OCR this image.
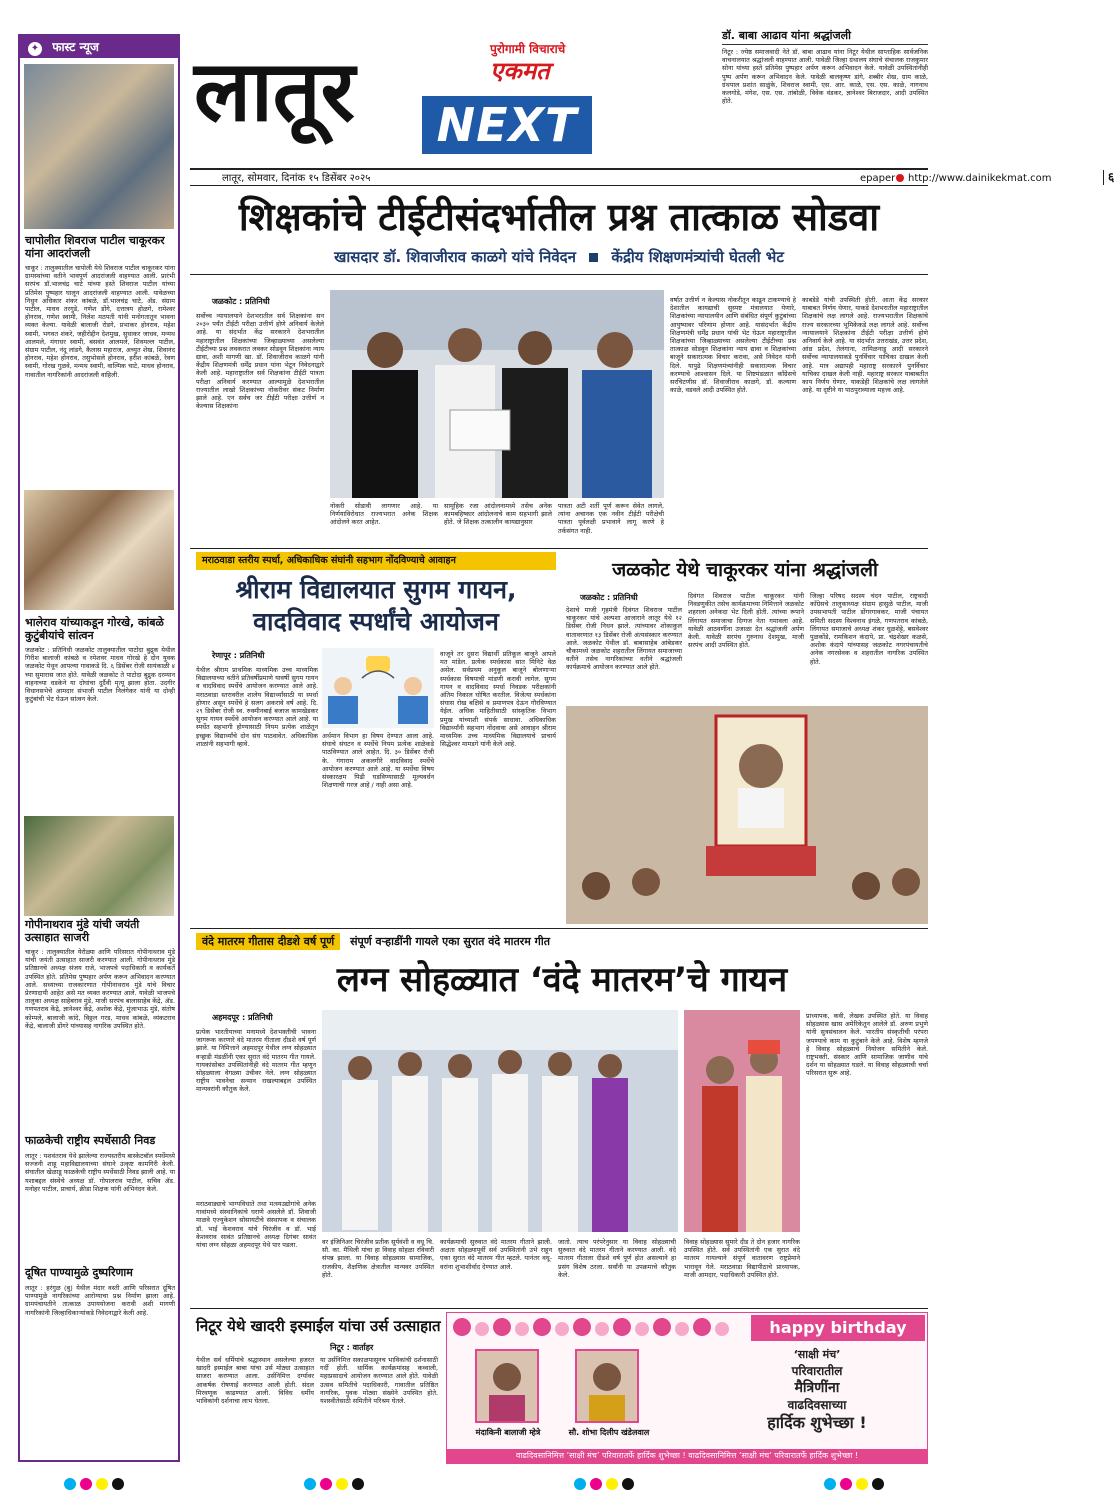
✦ फास्ट न्यूज
चापोलीत शिवराज पाटील चाकूरकर यांना आदरांजली
चाकूर : तालुक्यातील चापोली येथे शिवराज पाटील चाकूरकर यांना ग्रामस्थांच्या वतीने भावपूर्ण आदरांजली वाहण्यात आली. प्रारंभी सरपंच डॉ.भालचंद्र चाटे यांच्या हस्ते शिवराज पाटील यांच्या प्रतिमेस पुष्पहार घालून आदरांजली वाहण्यात आली. यावेळच्या निधुन अधिकार शंकर कांबळे, डॉ.भालचंद्र चाटे, ॲड. संग्राम पाटील, माधव तरगुडे, गणेश डोंगे, दत्तात्रय होळगे, रामेश्वर होनराव, गणेश स्वामी, निलेश मठपती यांनी मनोगतातून भावना व्यक्त केल्या. यावेळी बालाजी रोडगे, प्रभाकर होनराव, महेश स्वामी, भगवत शंकरे, जहीरोद्दीन देशमुख, सुधाकर जाधव, मन्मथ आलमले, मंगाधर स्वामी, बसवंत आलमले, शिवमल्ल पाटील, संग्राम पाटील, नंदू लांडगे, कैलास महाराज, अच्युत शेख, शिवानंद होनराव, महेश होनराव, तसुभोसले होनराव, हरीश कांबळे, रेवण स्वामी, गोरख गुळवे, मन्मथ स्वामी, वाल्मिक चाटे, माधव होनराव, गावातील नागरिकांनी आदरांजली वाहिली.
भालेराव यांच्याकडून गोरखे, कांबळे कुटुंबीयांचे सांत्वन
जळकोट : प्रतिनिधी जळकोट तालुक्यातील पाटोदा बुद्रुक येथील गिरीश बालाजी कांबळे व रमेशवर माधव गोरखे हे दोन युवक जळकोट येथून आपल्या गावाकडे दि. ६ डिसेंबर रोजी सायंकाळी ४ च्या सुमारास जात होते. यावेळी जळकोट ते पाटोदा बुद्रुक दरम्यान वाहनाच्या धडकेने या दोघांचा दुर्दैवी मृत्यू झाला होता. उदगीर विधानसभेचे आमदार संभाजी पाटील निलंगेकर यांनी या दोन्ही कुटुंबांची भेट घेऊन सांत्वन केले.
गोपीनाथराव मुंडे यांची जयंती उत्साहात साजरी
चाकूर : तालुक्यातील येरोळ्या आणि परिसरात गोपीनाथराव मुंडे यांची जयंती उत्साहात साजरी करण्यात आली. गोपीनाथराव मुंडे प्रतिष्ठानचे अध्यक्ष संजय राजे, भाजपचे पदाधिकारी व कार्यकर्ते उपस्थित होते. प्रतिमेस पुष्पहार अर्पण करून अभिवादन करण्यात आले. सध्याच्या राजकारणात गोपीनाथराव मुंडे यांचे विचार प्रेरणादायी आहेत असे मत व्यक्त करण्यात आले. यावेळी भाजपचे तालुका अध्यक्ष साहेबराव मुंडे, माजी सरपंच बालासाहेब केंद्रे, ॲड. गणपतराव केंद्रे, ज्ञानेश्वर केंद्रे, अशोक केंद्रे, मुंजाभाऊ मुंडे, संतोष कोम्पले, बालाजी कांदे, विठ्ठल गरड, माधव कांबळे, व्यंकटराव केंद्रे, बालाजी डोंगरे यांच्यासह नागरिक उपस्थित होते.
फाळकेची राष्ट्रीय स्पर्धेसाठी निवड
लातूर : यशवंतराव येथे झालेल्या राज्यस्तरीय बास्केटबॉल स्पर्धेमध्ये सज्जनी शाहू महाविद्यालयाच्या संघाने उत्कृष्ट कामगिरी केली. संघातील खेळाडू फाळकेची राष्ट्रीय स्पर्धेसाठी निवड झाली आहे. या यशाबद्दल संस्थेचे अध्यक्ष डॉ. गोपालराव पाटील, सचिव ॲड. मनोहर पाटील, प्राचार्य, क्रीडा शिक्षक यांनी अभिनंदन केले.
दूषित पाण्यामुळे दुष्परिणाम
लातूर : हरंगुळ (बु) येथील मंदार वस्ती आणि परिसरात दूषित पाण्यामुळे नागरिकांच्या आरोग्याचा प्रश्न निर्माण झाला आहे. ग्रामपंचायतीने तात्काळ उपाययोजना करावी अशी मागणी नागरिकांनी जिल्हाधिकाऱ्यांकडे निवेदनाद्वारे केली आहे.
लातूर	पुरोगामी विचाराचे
एकमत
NEXT
डॉ. बाबा आढाव यांना श्रद्धांजली
निटूर : ज्येष्ठ समाजवादी नेते डॉ. बाबा आढाव यांना निटूर येथील साप्ताहिक सार्वजनिक वाचनालयात श्रद्धांजली वाहण्यात आली. यावेळी जिल्हा ग्रंथालय संघाचे संचालक राजकुमार सोना यांच्या हस्ते प्रतिमेस पुष्पहार अर्पण करून अभिवादन केले. यावेळी उपस्थितांनीही पुष्प अर्पण करून अभिवादन केले. यावेळी बालकृष्ण डांगे, शब्बीर शेख, ग्राम काळे, ग्रंथपाल प्रशांत साळुंके, शिवराज स्वामी, एस. आर. काळे, एस. एस. काळे, नागनाथ कलगोडे, मंगेश, एस. एस. तांबोळी, विवेक वंडकर, ज्ञानेश्वर बिराजदार, आदी उपस्थित होते.
लातूर, सोमवार, दिनांक १५ डिसेंबर २०२५	epaper http://www.dainikekmat.com	६
शिक्षकांचे टीईटीसंदर्भातील प्रश्न तात्काळ सोडवा
खासदार डॉ. शिवाजीराव काळगे यांचे निवेदन केंद्रीय शिक्षणमंत्र्यांची घेतली भेट
जळकोट : प्रतिनिधी
सर्वोच्च न्यायालयाने देशभरातील सर्व शिक्षकांना सन २०३० पर्यंत टीईटी परीक्षा उत्तीर्ण होणे अनिवार्य केलेले आहे. या संदर्भात केंद्र सरकारने देशभरातील महाराष्ट्रातील शिक्षकांच्या जिव्हाळ्याच्या असलेल्या टीईटीच्या प्रश्न लवकरात लवकर सोडवून शिक्षकांना न्याय द्यावा, अशी मागणी खा. डॉ. शिवाजीराव काळगे यांनी केंद्रीय शिक्षणमंत्री धर्मेंद्र प्रधान यांना भेटून निवेदनाद्वारे केली आहे. महाराष्ट्रातील सर्व शिक्षकांना टीईटी पात्रता परीक्षा अनिवार्य करण्यात आल्यामुळे देशभरातील राज्यातील लाखो शिक्षकांच्या नोकरीवर संकट निर्माण झाले आहे. एन सर्वच जर टीईटी परीक्षा उत्तीर्ण न केल्यास शिक्षकांना
नोकरी सोडावी लागणार आहे. या निर्णयाविरोधात राज्यभरात अनेक शिक्षक आंदोलने करत आहेत.
सामूहिक रजा आंदोलनामध्ये तसेच अनेक कामबहिष्कार आंदोलनाचे काम सहभागी झाले होते. जे शिक्षक तत्कालीन कायद्यानुसार
पात्रता अटी शर्ती पूर्ण करून सेवेत लागले, त्यांना अचानक एक नवीन टीईटी परीक्षेची पात्रता पूर्वलक्षी प्रभावाने लागू करणे हे तर्कसंगत नाही.
वर्षात उत्तीर्ण न केल्यास नोकरीतून काढून टाकण्याचे हे देशातील कायद्याची सुस्पष्ट मंत्रालयात येणारे, शिक्षकांच्या न्यायालयीन आणि संबंधित संपूर्ण कुटुंबांच्या आयुष्यावर परिणाम होणार आहे. यासंदर्भात केंद्रीय शिक्षणमंत्री धर्मेंद्र प्रधान यांची भेट घेऊन महाराष्ट्रातील शिक्षकांच्या जिव्हाळ्याच्या असलेल्या टीईटीच्या प्रश्न तात्काळ सोडवून शिक्षकांना न्याय द्यावा व शिक्षकांच्या बाजूने सकारात्मक विचार करावा, असे निवेदन यांनी दिले. यापुढे शिक्षणमंत्र्यांनीही सकारात्मक विचार करण्याचे आश्वासन दिले. या शिष्टमंडळात काँग्रेसचे सरचिटणीस डॉ. शिवाजीराव काळगे, डॉ. कल्याण काळे, वडवले आदी उपस्थित होते.
काबडेडे यांची उपस्थिती होती. आता केंद्र सरकार याबाबत निर्णय घेणार, याकडे देशभरातील महाराष्ट्रातील शिक्षकांचे लक्ष लागले आहे. राज्यभरातील शिक्षकांचे राज्य सरकारच्या भूमिकेकडे लक्ष लागले आहे. सर्वोच्च न्यायालयाने शिक्षकांना टीईटी परीक्षा उत्तीर्ण होणे अनिवार्य केले आहे. या संदर्भात उत्तराखंड, उत्तर प्रदेश, आंध्र प्रदेश, तेलंगाना, तामिळनाडू आदी सरकारने सर्वोच्च न्यायालयाकडे पुनर्विचार याचिका दाखल केली आहे. मात्र अद्यापही महाराष्ट्र सरकारने पुनर्विचार याचिका दाखल केली नाही. महाराष्ट्र सरकार याबाबतीत काय निर्णय घेणार, याकडेही शिक्षकांचे लक्ष लागलेले आहे. या दृष्टीने या पाठपुराव्याला महत्त्व आहे.
मराठवाडा स्तरीय स्पर्धा, अधिकाधिक संघांनी सहभाग नोंदविण्याचे आवाहन
श्रीराम विद्यालयात सुगम गायन,
वादविवाद स्पर्धांचे आयोजन
रेणापूर : प्रतिनिधी
येथील श्रीराम प्राथमिक माध्यमिक उच्च माध्यमिक विद्यालयाच्या वतीने प्रतिवर्षीप्रमाणे यावर्षी सुगम गायन व वादविवाद स्पर्धेचे आयोजन करण्यात आले आहे. मराठवाडा स्तरावरील शालेय विद्यार्थ्यांसाठी या स्पर्धा होणार असून स्पर्धेचे हे सलग अकरावे वर्ष आहे. दि. २९ डिसेंबर रोजी स्व. रुक्मीनबाई बजाज कामखेडकर सुगम गायन स्पर्धेचे आयोजन करण्यात आले आहे. या स्पर्धेत सहभागी होण्यासाठी नियम प्रत्येक शाळेतून इच्छुक विद्यार्थ्यांचे दोन संघ पाठवावेत. अधिकाधिक शाळांनी सहभागी व्हावे.
अर्थमान विभाग हा विषय देण्यात आला आहे. संघाचे संघटन व स्पर्धेचे नियम प्रत्येक शाळेकडे पाठविण्यात आले आहेत. दि. ३० डिसेंबर रोजी के. गंगाराम अकलगीरे वादविवाद स्पर्धेचे आयोजन करण्यात आले आहे. या स्पर्धेचा विषय संस्कारक्षम पिढी घडविण्यासाठी मूल्यवर्धन शिक्षणाची गरज आहे / नाही असा आहे.
वाजूने तर दुसरा विद्यार्थी प्रतिकूल बाजूने आपले मत मांडेल. प्रत्येक स्पर्धकास सात मिनिटे वेळ असेल. सर्वप्रथम अनुकूल बाजूने बोलणाऱ्या स्पर्धकास विषयाची मांडणी करावी लागेल. सुगम गायन व वादविवाद स्पर्धा निवडक परीक्षकांनी अंतिम निकाल घोषित करतील. विजेत्या स्पर्धकांना संघास रोख बक्षिसे व प्रमाणपत्र देऊन गौरविण्यात येईल. अधिक माहितीसाठी सांस्कृतिक विभाग प्रमुख यांच्याशी संपर्क साधावा. अधिकाधिक विद्यार्थ्यांनी सहभाग नोंदवावा असे आवाहन श्रीराम माध्यमिक उच्च माध्यमिक विद्यालयाचे प्राचार्य सिद्धेश्वर मामडगे यांनी केले आहे.
जळकोट येथे चाकूरकर यांना श्रद्धांजली
जळकोट : प्रतिनिधी
देशाचे माजी गृहमंत्री दिवंगत शिवराज पाटील चाकूरकर यांचे अल्पशा आजाराने लातूर येथे १२ डिसेंबर रोजी निधन झाले. त्यांच्यावर शोकाकुल वातावरणात १३ डिसेंबर रोजी अंत्यसंस्कार करण्यात आले. जळकोट येथील डॉ. बाबासाहेब आंबेडकर चौकामध्ये जळकोट शहरातील लिंगायत समाजाच्या वतीने तसेच नागरिकांच्या वतीने श्रद्धांजली कार्यक्रमाचे आयोजन करण्यात आले होते.
दिवंगत शिवराज पाटील चाकूरकर यांनी निवडणुकीत तसेच कार्यक्रमाच्या निमित्ताने जळकोट शहराला अनेकदा भेट दिली होती. त्यांच्या रूपाने लिंगायत समाजाचा दिग्गज नेता गमावला आहे. यावेळी आठवणींना उजाळा देत श्रद्धांजली अर्पण केली. यावेळी सरपंच गुरुनाथ देशमुख, माजी सरपंच आदी उपस्थित होते.
जिल्हा परिषद सदस्य चंदन पाटील, राष्ट्रवादी काँग्रेसचे तालुकाध्यक्ष संग्राम हासुळे पाटील, माजी उपसभापती पाटील डोंगरगावकर, माजी पंचायत समिती सदस्य विश्वनाथ इंगळे, गणपतराव कांबळे, लिंगायत समाजाचे अध्यक्ष शंकर धुळशेट्टे, बसवेश्वर पुळकोंडे, रामकिशन कंदापे, प्रा. चंद्रशेखर कळसे, अशोक कंदापे यांच्यासह जळकोट नगरपंचायतीचे अनेक नगरसेवक व शहरातील नागरिक उपस्थित होते.
वंदे मातरम गीतास दीडशे वर्ष पूर्ण संपूर्ण वऱ्हाडींनी गायले एका सुरात वंदे मातरम गीत
लग्न सोहळ्यात ‘वंदे मातरम’चे गायन
अहमदपूर : प्रतिनिधी
प्रत्येक भारतीयाच्या मनामध्ये देशभक्तीची भावना जागरूक करणारे वंदे मातरम गीताला दीडशे वर्ष पूर्ण झाले. या निमित्ताने अहमदपूर येथील लग्न सोहळ्यात वऱ्हाडी मंडळींनी एका सुरात वंदे मातरम गीत गायले. गायकांसोबत उपस्थितांनीही वंदे मातरम गीत म्हणून सोहळ्याला वेगळ्या उंचीवर नेले. लग्न सोहळ्यात राष्ट्रीय भावनेचा सन्मान राखल्याबद्दल उपस्थित मान्यवरांनी कौतुक केले.
मराठवाड्याचे भाग्यविधाते तथा मत्स्यउद्योगांचे अनेक गावांमध्ये संस्थानिकांचे घराणे असलेले डॉ. शिवाजी माळवे एज्युकेशन सोसायटीचे संस्थापक व संचालक डॉ. भाई केशवराव यांचे चिरंजीव व डॉ. भाई केशवराव सावंत प्रतिष्ठानचे अध्यक्ष दिगंबर सावंत यांचा लग्न सोहळा अहमदपूर येथे पार पडला.
प्राध्यापक, कवी, लेखक उपस्थित होते. या विवाह सोहळ्यास खास अमेरिकेतून आलेले डॉ. अरुण प्रभुणे यांनी सुत्रसंचालन केले. भारतीय संस्कृतीची परंपरा जपण्याचे काम या कुटुंबाने केले आहे. विशेष म्हणजे हे विवाह सोहळ्याचे नियोजन समितीने केले. राष्ट्रभक्ती, संस्कार आणि सामाजिक जाणीव यांचे दर्शन या सोहळ्यात घडले. या विवाह सोहळ्याची चर्चा परिसरात सुरू आहे.
वर इंजिनिअर चिरंजीव प्रतीक सूर्यवंशी व वधू चि. सौ. का. मैथिली यांचा हा विवाह सोहळा रविवारी संपन्न झाला. या विवाह सोहळ्यास सामाजिक, राजकीय, शैक्षणिक क्षेत्रातील मान्यवर उपस्थित होते.
कार्यक्रमाची सुरुवात वंदे मातरम गीताने झाली. अक्षता सोहळ्यापूर्वी सर्व उपस्थितांनी उभे राहून एका सुरात वंदे मातरम गीत म्हटले. यानंतर वधू-वरांना शुभाशीर्वाद देण्यात आले.
जातो. त्याच परंपरेनुसार या विवाह सोहळ्याची सुरुवात वंदे मातरम गीताने करण्यात आली. वंदे मातरम गीताला दीडशे वर्ष पूर्ण होत असल्याने हा प्रसंग विशेष ठरला. सर्वांनी या उपक्रमाचे कौतुक केले.
विवाह सोहळ्यास सुमारे दीड ते दोन हजार नागरिक उपस्थित होते. सर्व उपस्थितांनी एक सुरात वंदे मातरम गायल्याने संपूर्ण वातावरण राष्ट्रप्रेमाने भारावून गेले. मराठवाडा विद्यापीठाचे प्राध्यापक, माजी आमदार, पदाधिकारी उपस्थित होते.
निटूर येथे खादरी इस्माईल यांचा उर्स उत्साहात
निटूर : वार्ताहर
येथील सर्व धर्मियांचे श्रद्धास्थान असलेल्या हजरत खादरी इस्माईल बाबा यांचा उर्स मोठ्या उत्साहात साजरा करण्यात आला. उर्सनिमित्त दर्ग्यावर आकर्षक रोषणाई करण्यात आली होती. संदल मिरवणूक काढण्यात आली. विविध धर्मीय भाविकांनी दर्शनाचा लाभ घेतला.
या उर्सनिमित्त सकाळपासूनच भाविकांची दर्शनासाठी गर्दी होती. धार्मिक कार्यक्रमांसह कव्वाली, महाप्रसादाचे आयोजन करण्यात आले होते. यावेळी उत्सव समितीचे पदाधिकारी, गावातील प्रतिष्ठित नागरिक, युवक मोठ्या संख्येने उपस्थित होते. यशस्वीतेसाठी समितीने परिश्रम घेतले.
happy birthday
मंदाकिनी बालाजी म्हेत्रे	सौ. शोभा दिलीप खंडेलवाल
‘साक्षी मंच’
परिवारातील
मैत्रिणींना
वाढदिवसाच्या
हार्दिक शुभेच्छा !
वाढदिवसानिमित्त ‘साक्षी मंच’ परिवारातर्फे हार्दिक शुभेच्छा ! वाढदिवसानिमित्त ‘साक्षी मंच’ परिवारातर्फे हार्दिक शुभेच्छा !
